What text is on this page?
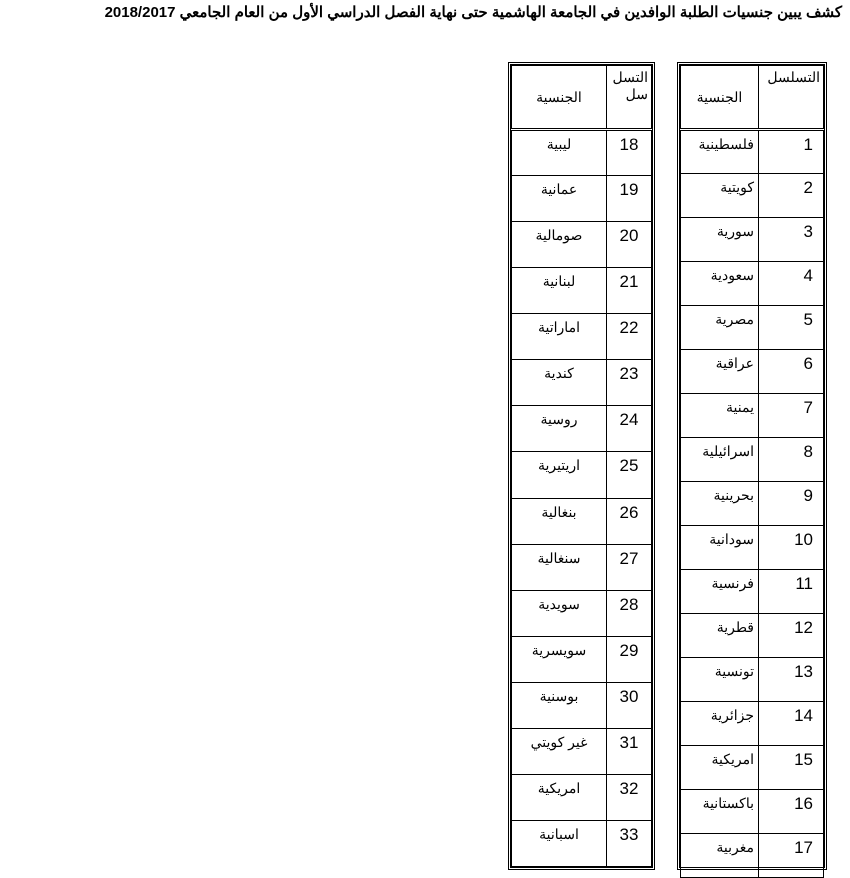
كشف يبين جنسيات الطلبة الوافدين في الجامعة الهاشمية حتى نهاية الفصل الدراسي الأول من العام الجامعي 2018/2017
التسلسل	الجنسية
1	فلسطينية
2	كويتية
3	سورية
4	سعودية
5	مصرية
6	عراقية
7	يمنية
8	اسرائيلية
9	بحرينية
10	سودانية
11	فرنسية
12	قطرية
13	تونسية
14	جزائرية
15	امريكية
16	باكستانية
17	مغربية
التسل سل	الجنسية
18	ليبية
19	عمانية
20	صومالية
21	لبنانية
22	اماراتية
23	كندية
24	روسية
25	اريتيرية
26	بنغالية
27	سنغالية
28	سويدية
29	سويسرية
30	بوسنية
31	غير كويتي
32	امريكية
33	اسبانية
